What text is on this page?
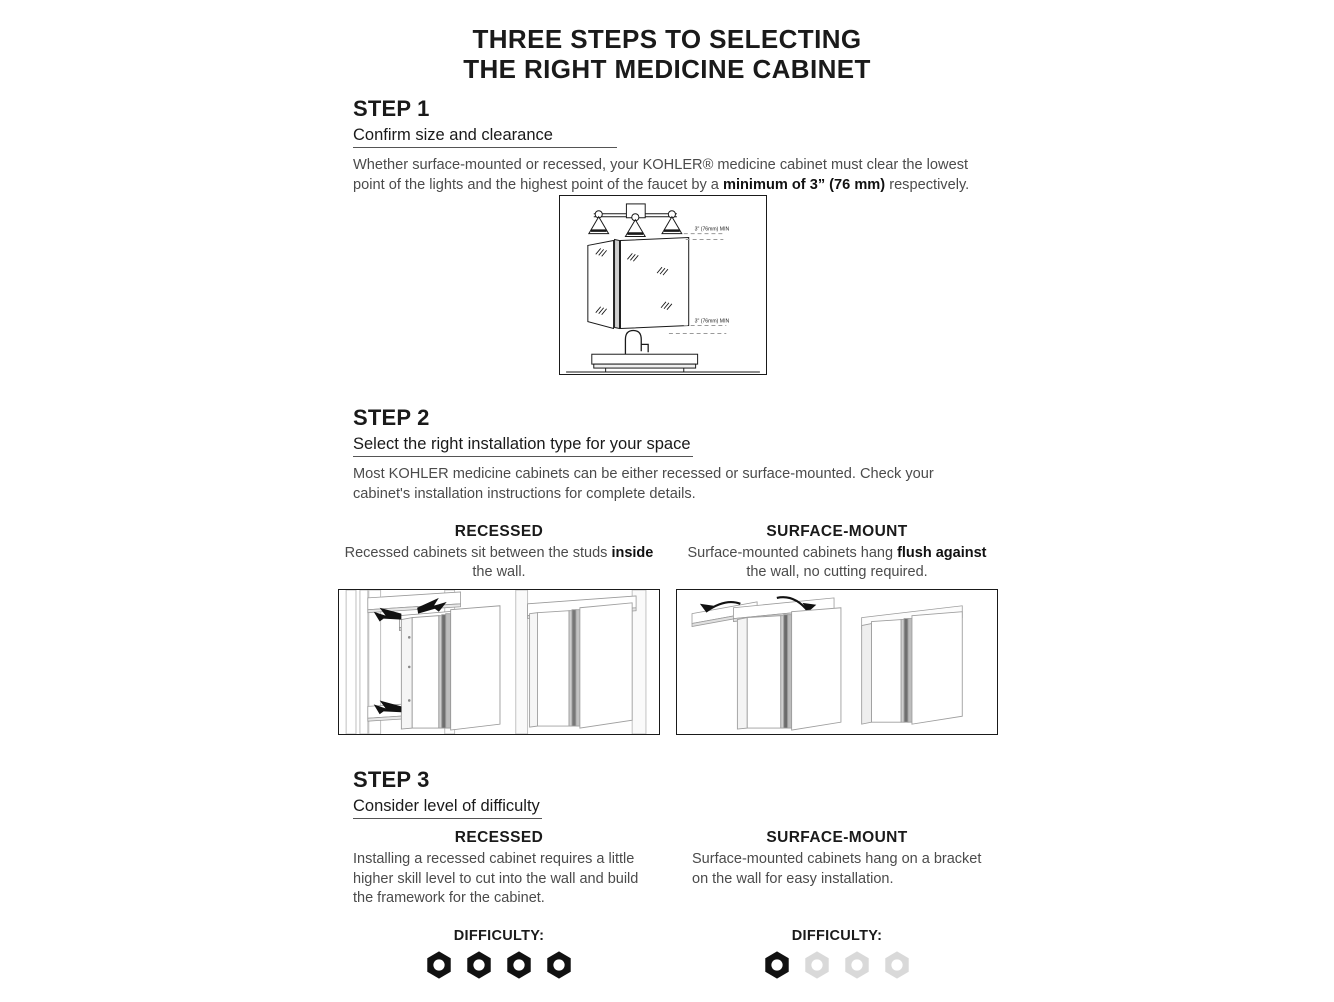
THREE STEPS TO SELECTING
THE RIGHT MEDICINE CABINET
STEP 1
Confirm size and clearance
Whether surface-mounted or recessed, your KOHLER® medicine cabinet must clear the lowest point of the lights and the highest point of the faucet by a minimum of 3” (76 mm) respectively.
3" (76mm) MIN
3" (76mm) MIN
STEP 2
Select the right installation type for your space
Most KOHLER medicine cabinets can be either recessed or surface-mounted. Check your cabinet's installation instructions for complete details.
RECESSED
Recessed cabinets sit between the studs inside the wall.
SURFACE-MOUNT
Surface-mounted cabinets hang flush against the wall, no cutting required.
STEP 3
Consider level of difficulty
RECESSED
Installing a recessed cabinet requires a little higher skill level to cut into the wall and build the framework for the cabinet.
SURFACE-MOUNT
Surface-mounted cabinets hang on a bracket on the wall for easy installation.
DIFFICULTY:	DIFFICULTY:
